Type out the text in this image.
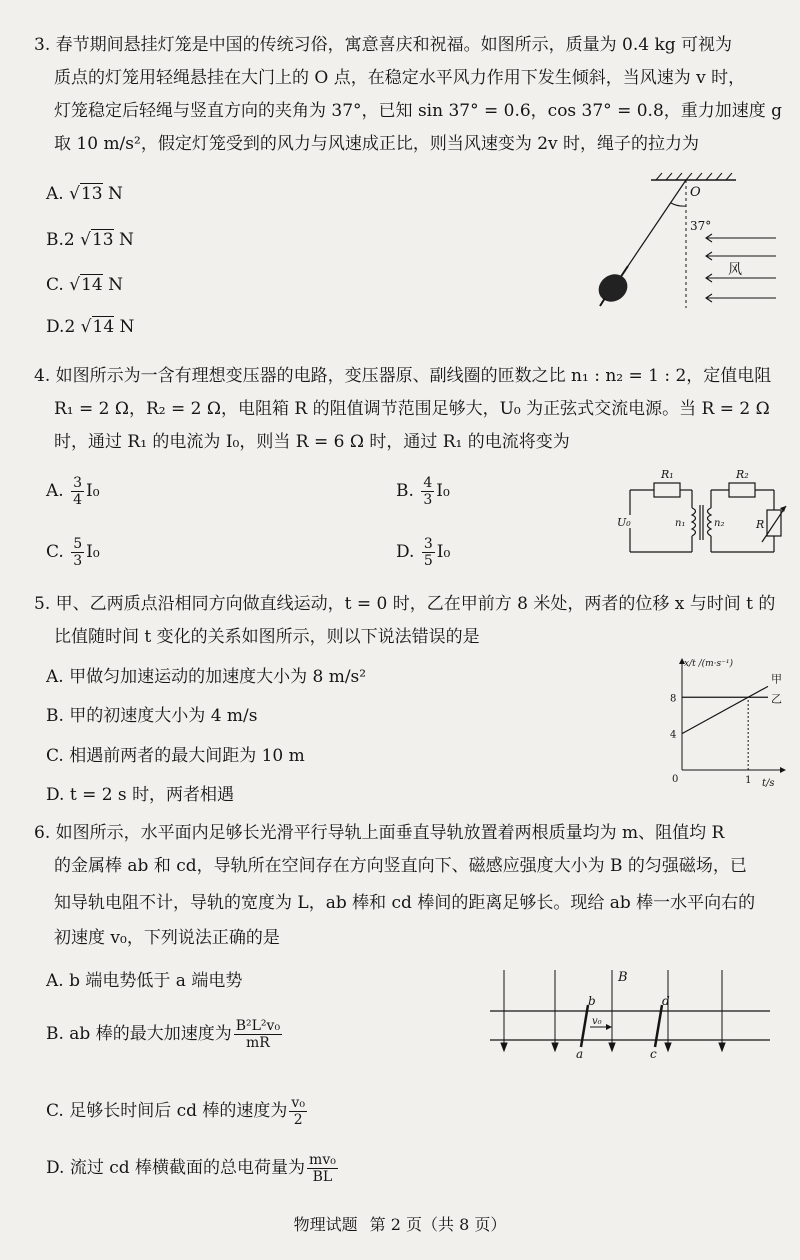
3. 春节期间悬挂灯笼是中国的传统习俗，寓意喜庆和祝福。如图所示，质量为 0.4 kg 可视为
质点的灯笼用轻绳悬挂在大门上的 O 点，在稳定水平风力作用下发生倾斜，当风速为 v 时，
灯笼稳定后轻绳与竖直方向的夹角为 37°，已知 sin 37° = 0.6，cos 37° = 0.8，重力加速度 g
取 10 m/s²，假定灯笼受到的风力与风速成正比，则当风速变为 2v 时，绳子的拉力为
A. √13 N
B.2 √13 N
C. √14 N
D.2 √14 N
O
37°
风
4. 如图所示为一含有理想变压器的电路，变压器原、副线圈的匝数之比 n₁ : n₂ = 1 : 2，定值电阻
R₁ = 2 Ω，R₂ = 2 Ω，电阻箱 R 的阻值调节范围足够大，U₀ 为正弦式交流电源。当 R = 2 Ω
时，通过 R₁ 的电流为 I₀，则当 R = 6 Ω 时，通过 R₁ 的电流将变为
A. $\frac{3}{4} I_0$	B. $\frac{4}{3} I_0$
C. $\frac{5}{3} I_0$	D. $\frac{3}{5} I_0$
U₀
R₁	R₂
R
n₁	n₂
5. 甲、乙两质点沿相同方向做直线运动，t = 0 时，乙在甲前方 8 米处，两者的位移 x 与时间 t 的
比值随时间 t 变化的关系如图所示，则以下说法错误的是
A. 甲做匀加速运动的加速度大小为 8 m/s²
B. 甲的初速度大小为 4 m/s
C. 相遇前两者的最大间距为 10 m
D. t = 2 s 时，两者相遇
t/s
x/t /(m·s⁻¹)
0
4
8
1
甲
乙
6. 如图所示，水平面内足够长光滑平行导轨上面垂直导轨放置着两根质量均为 m、阻值均 R
的金属棒 ab 和 cd，导轨所在空间存在方向竖直向下、磁感应强度大小为 B 的匀强磁场，已
知导轨电阻不计，导轨的宽度为 L，ab 棒和 cd 棒间的距离足够长。现给 ab 棒一水平向右的
初速度 v₀，下列说法正确的是
A. b 端电势低于 a 端电势
B. ab 棒的最大加速度为 $\frac{\text{B²L²v₀}}{mR}$
C. 足够长时间后 cd 棒的速度为 $\frac{\text{v₀}}{2}$
D. 流过 cd 棒横截面的总电荷量为 $\frac{\text{mv₀}}{BL}$
B
b
a
d
c
v₀
物理试题 第 2 页（共 8 页）
